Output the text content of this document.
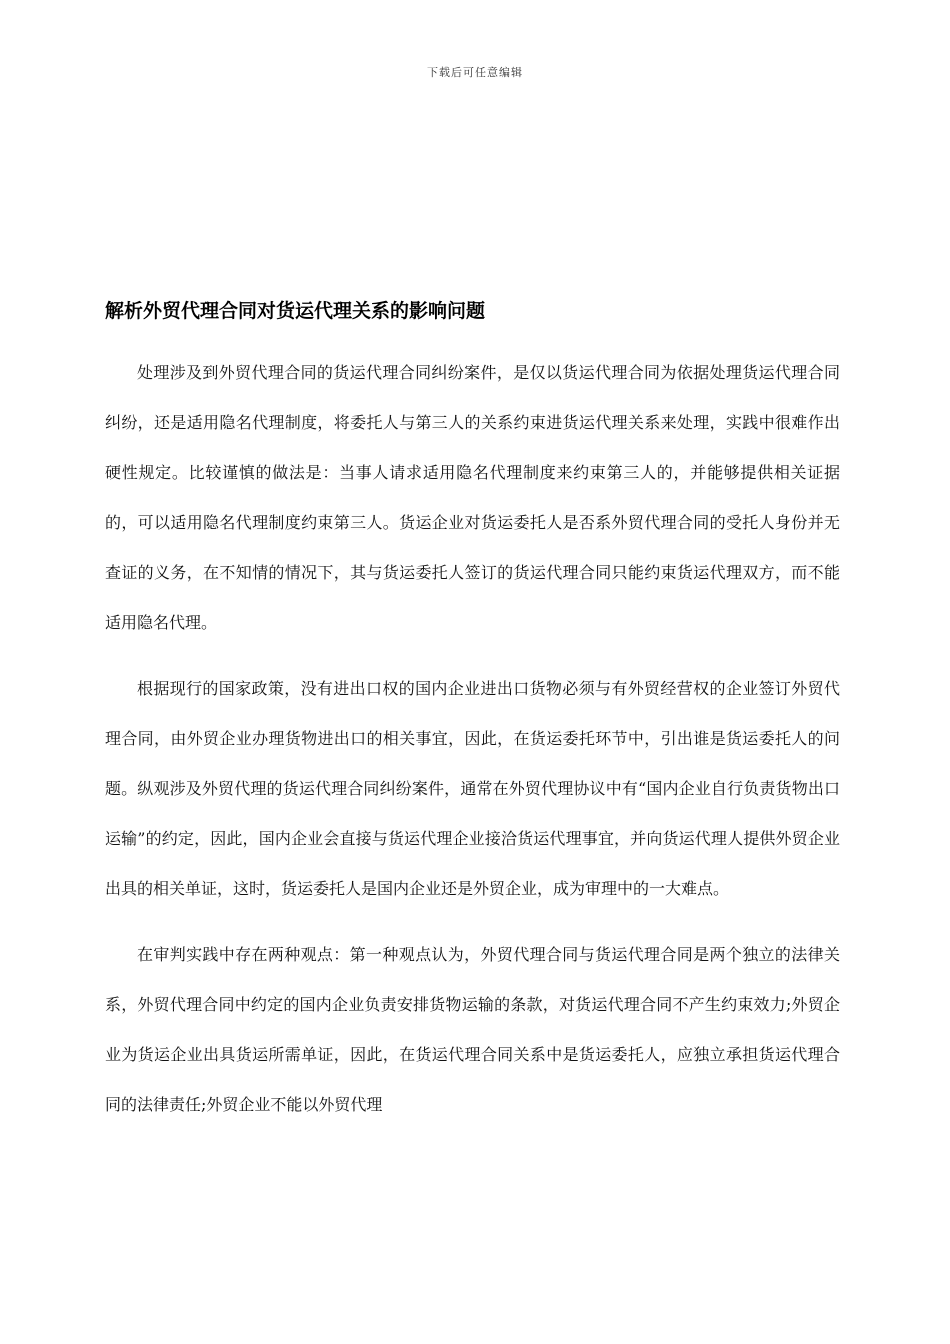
下载后可任意编辑
解析外贸代理合同对货运代理关系的影响问题

处理涉及到外贸代理合同的货运代理合同纠纷案件，是仅以货运代理合同为依据处理货运代理合同纠纷，还是适用隐名代理制度，将委托人与第三人的关系约束进货运代理关系来处理，实践中很难作出硬性规定。比较谨慎的做法是：当事人请求适用隐名代理制度来约束第三人的，并能够提供相关证据的，可以适用隐名代理制度约束第三人。货运企业对货运委托人是否系外贸代理合同的受托人身份并无查证的义务，在不知情的情况下，其与货运委托人签订的货运代理合同只能约束货运代理双方，而不能适用隐名代理。

根据现行的国家政策，没有进出口权的国内企业进出口货物必须与有外贸经营权的企业签订外贸代理合同，由外贸企业办理货物进出口的相关事宜，因此，在货运委托环节中，引出谁是货运委托人的问题。纵观涉及外贸代理的货运代理合同纠纷案件，通常在外贸代理协议中有“国内企业自行负责货物出口运输”的约定，因此，国内企业会直接与货运代理企业接洽货运代理事宜，并向货运代理人提供外贸企业出具的相关单证，这时，货运委托人是国内企业还是外贸企业，成为审理中的一大难点。

在审判实践中存在两种观点：第一种观点认为，外贸代理合同与货运代理合同是两个独立的法律关系，外贸代理合同中约定的国内企业负责安排货物运输的条款，对货运代理合同不产生约束效力;外贸企业为货运企业出具货运所需单证，因此，在货运代理合同关系中是货运委托人，应独立承担货运代理合同的法律责任;外贸企业不能以外贸代理
